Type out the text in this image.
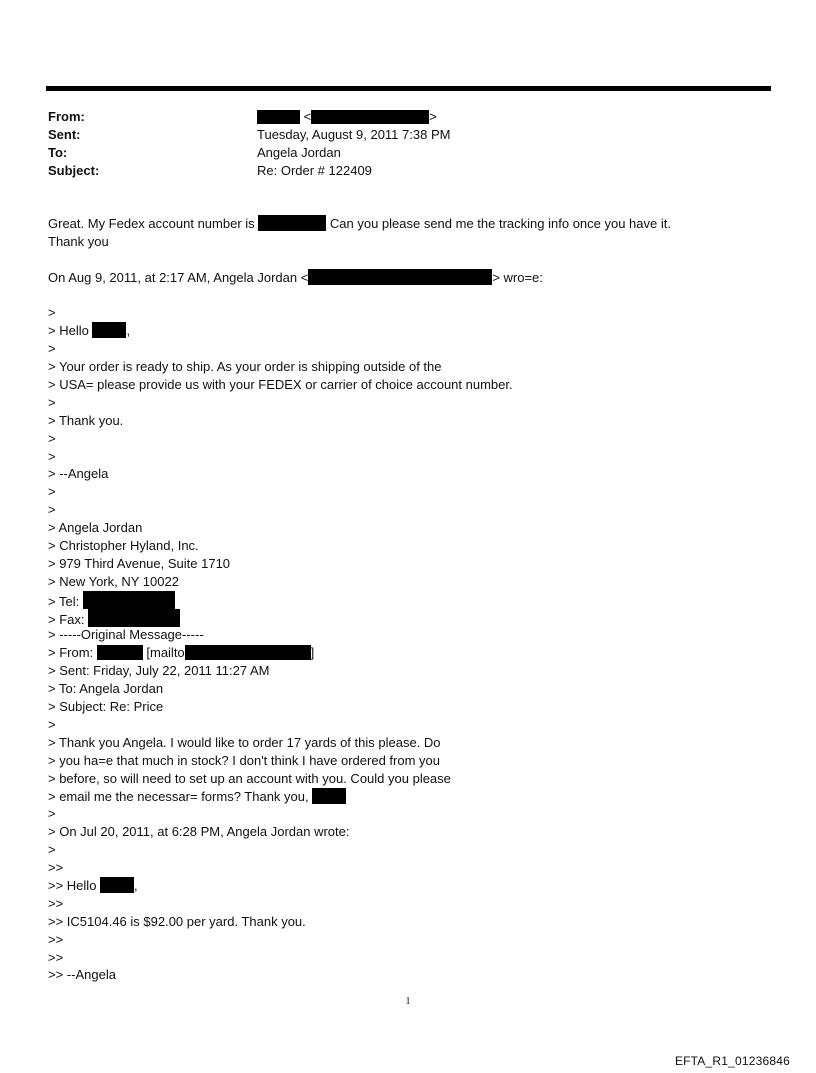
From:	<	>
Sent:	Tuesday, August 9, 2011 7:38 PM
To:	Angela Jordan
Subject:	Re: Order # 122409
Great. My Fedex account number is	Can you please send me the tracking info once you have it.
Thank you
On Aug 9, 2011, at 2:17 AM, Angela Jordan <	> wro=e:
>
> Hello	,
>
> Your order is ready to ship. As your order is shipping outside of the
> USA= please provide us with your FEDEX or carrier of choice account number.
>
> Thank you.
>
>
> --Angela
>
>
> Angela Jordan
> Christopher Hyland, Inc.
> 979 Third Avenue, Suite 1710
> New York, NY 10022
> Tel:
> Fax:
> -----Original Message-----
> From:	[mailto	]
> Sent: Friday, July 22, 2011 11:27 AM
> To: Angela Jordan
> Subject: Re: Price
>
> Thank you Angela. I would like to order 17 yards of this please. Do
> you ha=e that much in stock? I don't think I have ordered from you
> before, so will need to set up an account with you. Could you please
> email me the necessar= forms? Thank you,
>
> On Jul 20, 2011, at 6:28 PM, Angela Jordan wrote:
>
>>
>> Hello	,
>>
>> IC5104.46 is $92.00 per yard. Thank you.
>>
>>
>> --Angela
1
EFTA_R1_01236846
